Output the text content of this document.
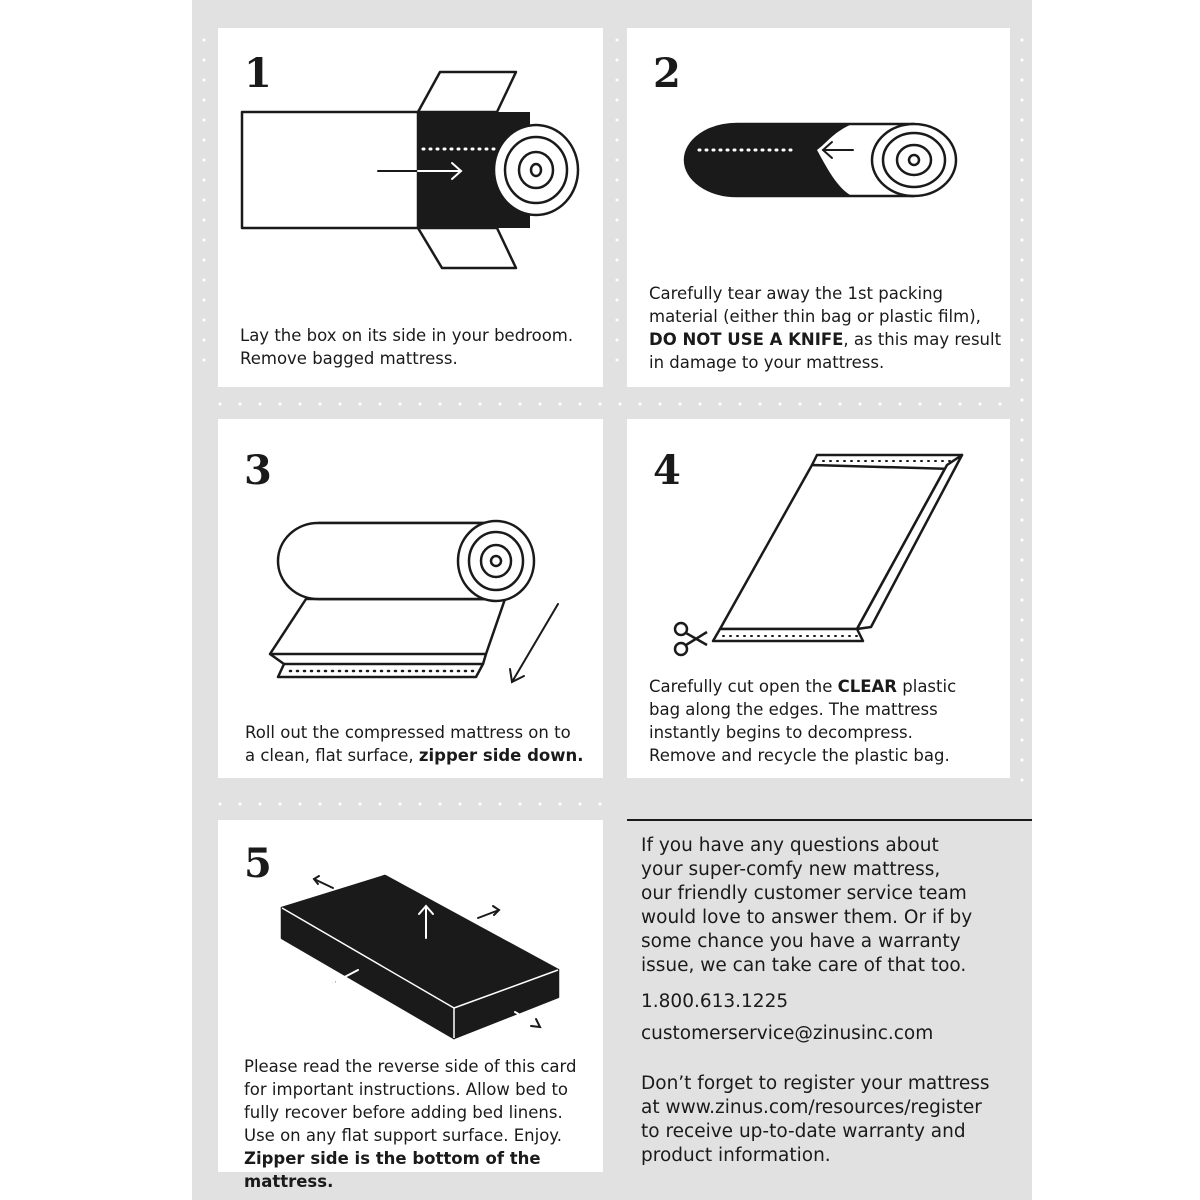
1

Lay the box on its side in your bedroom.

Remove bagged mattress.

2

Carefully tear away the 1st packing

material (either thin bag or plastic film),

DO NOT USE A KNIFE, as this may result

in damage to your mattress.

3

Roll out the compressed mattress on to

a clean, flat surface, zipper side down.

4

Carefully cut open the CLEAR plastic

bag along the edges. The mattress

instantly begins to decompress.

Remove and recycle the plastic bag.

5

Please read the reverse side of this card

for important instructions. Allow bed to

fully recover before adding bed linens.

Use on any flat support surface. Enjoy.

Zipper side is the bottom of the mattress.

If you have any questions about
your super-comfy new mattress,
our friendly customer service team
would love to answer them. Or if by
some chance you have a warranty
issue, we can take care of that too.
1.800.613.1225
customerservice@zinusinc.com
Don’t forget to register your mattress
at www.zinus.com/resources/register
to receive up-to-date warranty and
product information.
